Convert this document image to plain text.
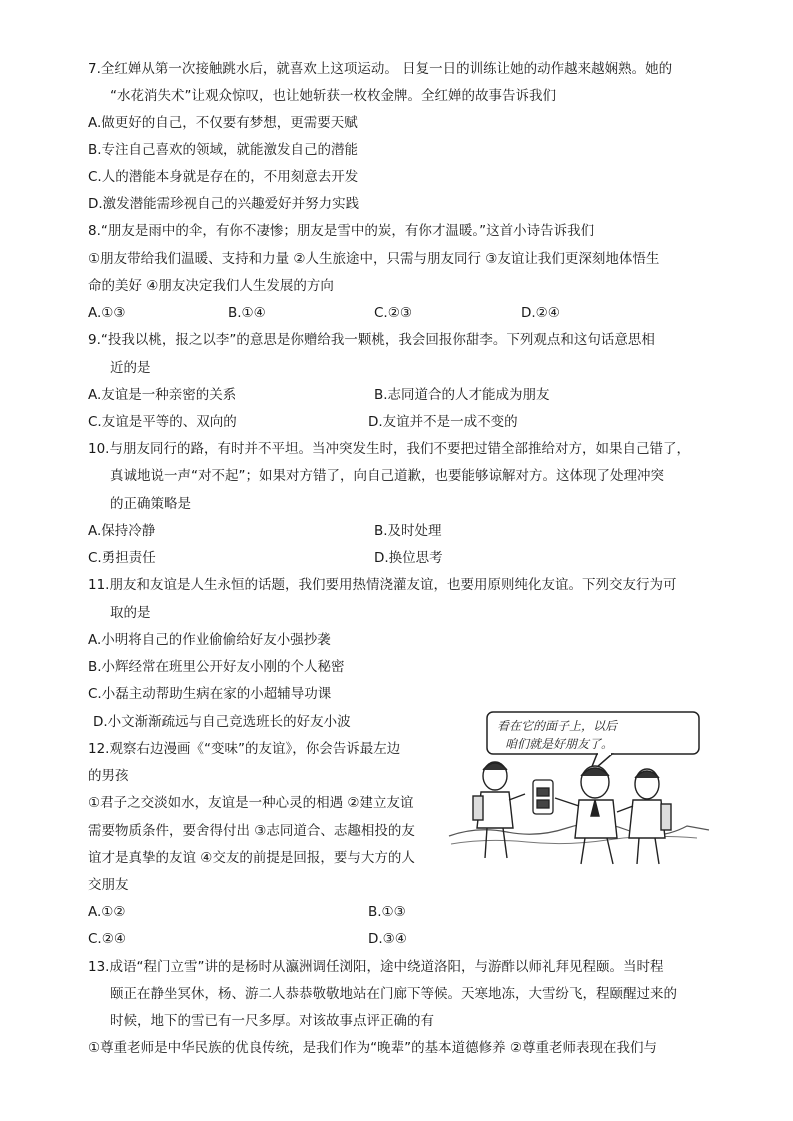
7.全红婵从第一次接触跳水后，就喜欢上这项运动。 日复一日的训练让她的动作越来越娴熟。她的
“水花消失术”让观众惊叹，也让她斩获一枚枚金牌。全红婵的故事告诉我们
A.做更好的自己，不仅要有梦想，更需要天赋
B.专注自己喜欢的领域，就能激发自己的潜能
C.人的潜能本身就是存在的，不用刻意去开发
D.激发潜能需珍视自己的兴趣爱好并努力实践
8.“朋友是雨中的伞，有你不凄惨；朋友是雪中的炭，有你才温暖。”这首小诗告诉我们
①朋友带给我们温暖、支持和力量 ②人生旅途中，只需与朋友同行 ③友谊让我们更深刻地体悟生
命的美好 ④朋友决定我们人生发展的方向
A.①③	B.①④	C.②③	D.②④
9.“投我以桃，报之以李”的意思是你赠给我一颗桃，我会回报你甜李。下列观点和这句话意思相
近的是
A.友谊是一种亲密的关系	B.志同道合的人才能成为朋友
C.友谊是平等的、双向的	D.友谊并不是一成不变的
10.与朋友同行的路，有时并不平坦。当冲突发生时，我们不要把过错全部推给对方，如果自己错了，
真诚地说一声“对不起”；如果对方错了，向自己道歉，也要能够谅解对方。这体现了处理冲突
的正确策略是
A.保持冷静	B.及时处理
C.勇担责任	D.换位思考
11.朋友和友谊是人生永恒的话题，我们要用热情浇灌友谊，也要用原则纯化友谊。下列交友行为可
取的是
A.小明将自己的作业偷偷给好友小强抄袭
B.小辉经常在班里公开好友小刚的个人秘密
C.小磊主动帮助生病在家的小超辅导功课
D.小文渐渐疏远与自己竞选班长的好友小波
12.观察右边漫画《“变味”的友谊》，你会告诉最左边
的男孩
①君子之交淡如水，友谊是一种心灵的相遇 ②建立友谊
需要物质条件，要舍得付出 ③志同道合、志趣相投的友
谊才是真挚的友谊 ④交友的前提是回报，要与大方的人
交朋友
A.①②	B.①③
C.②④	D.③④
看在它的面子上，以后
咱们就是好朋友了。
13.成语“程门立雪”讲的是杨时从瀛洲调任浏阳，途中绕道洛阳，与游酢以师礼拜见程颐。当时程
颐正在静坐冥休，杨、游二人恭恭敬敬地站在门廊下等候。天寒地冻，大雪纷飞，程颐醒过来的
时候，地下的雪已有一尺多厚。对该故事点评正确的有
①尊重老师是中华民族的优良传统，是我们作为“晚辈”的基本道德修养 ②尊重老师表现在我们与
